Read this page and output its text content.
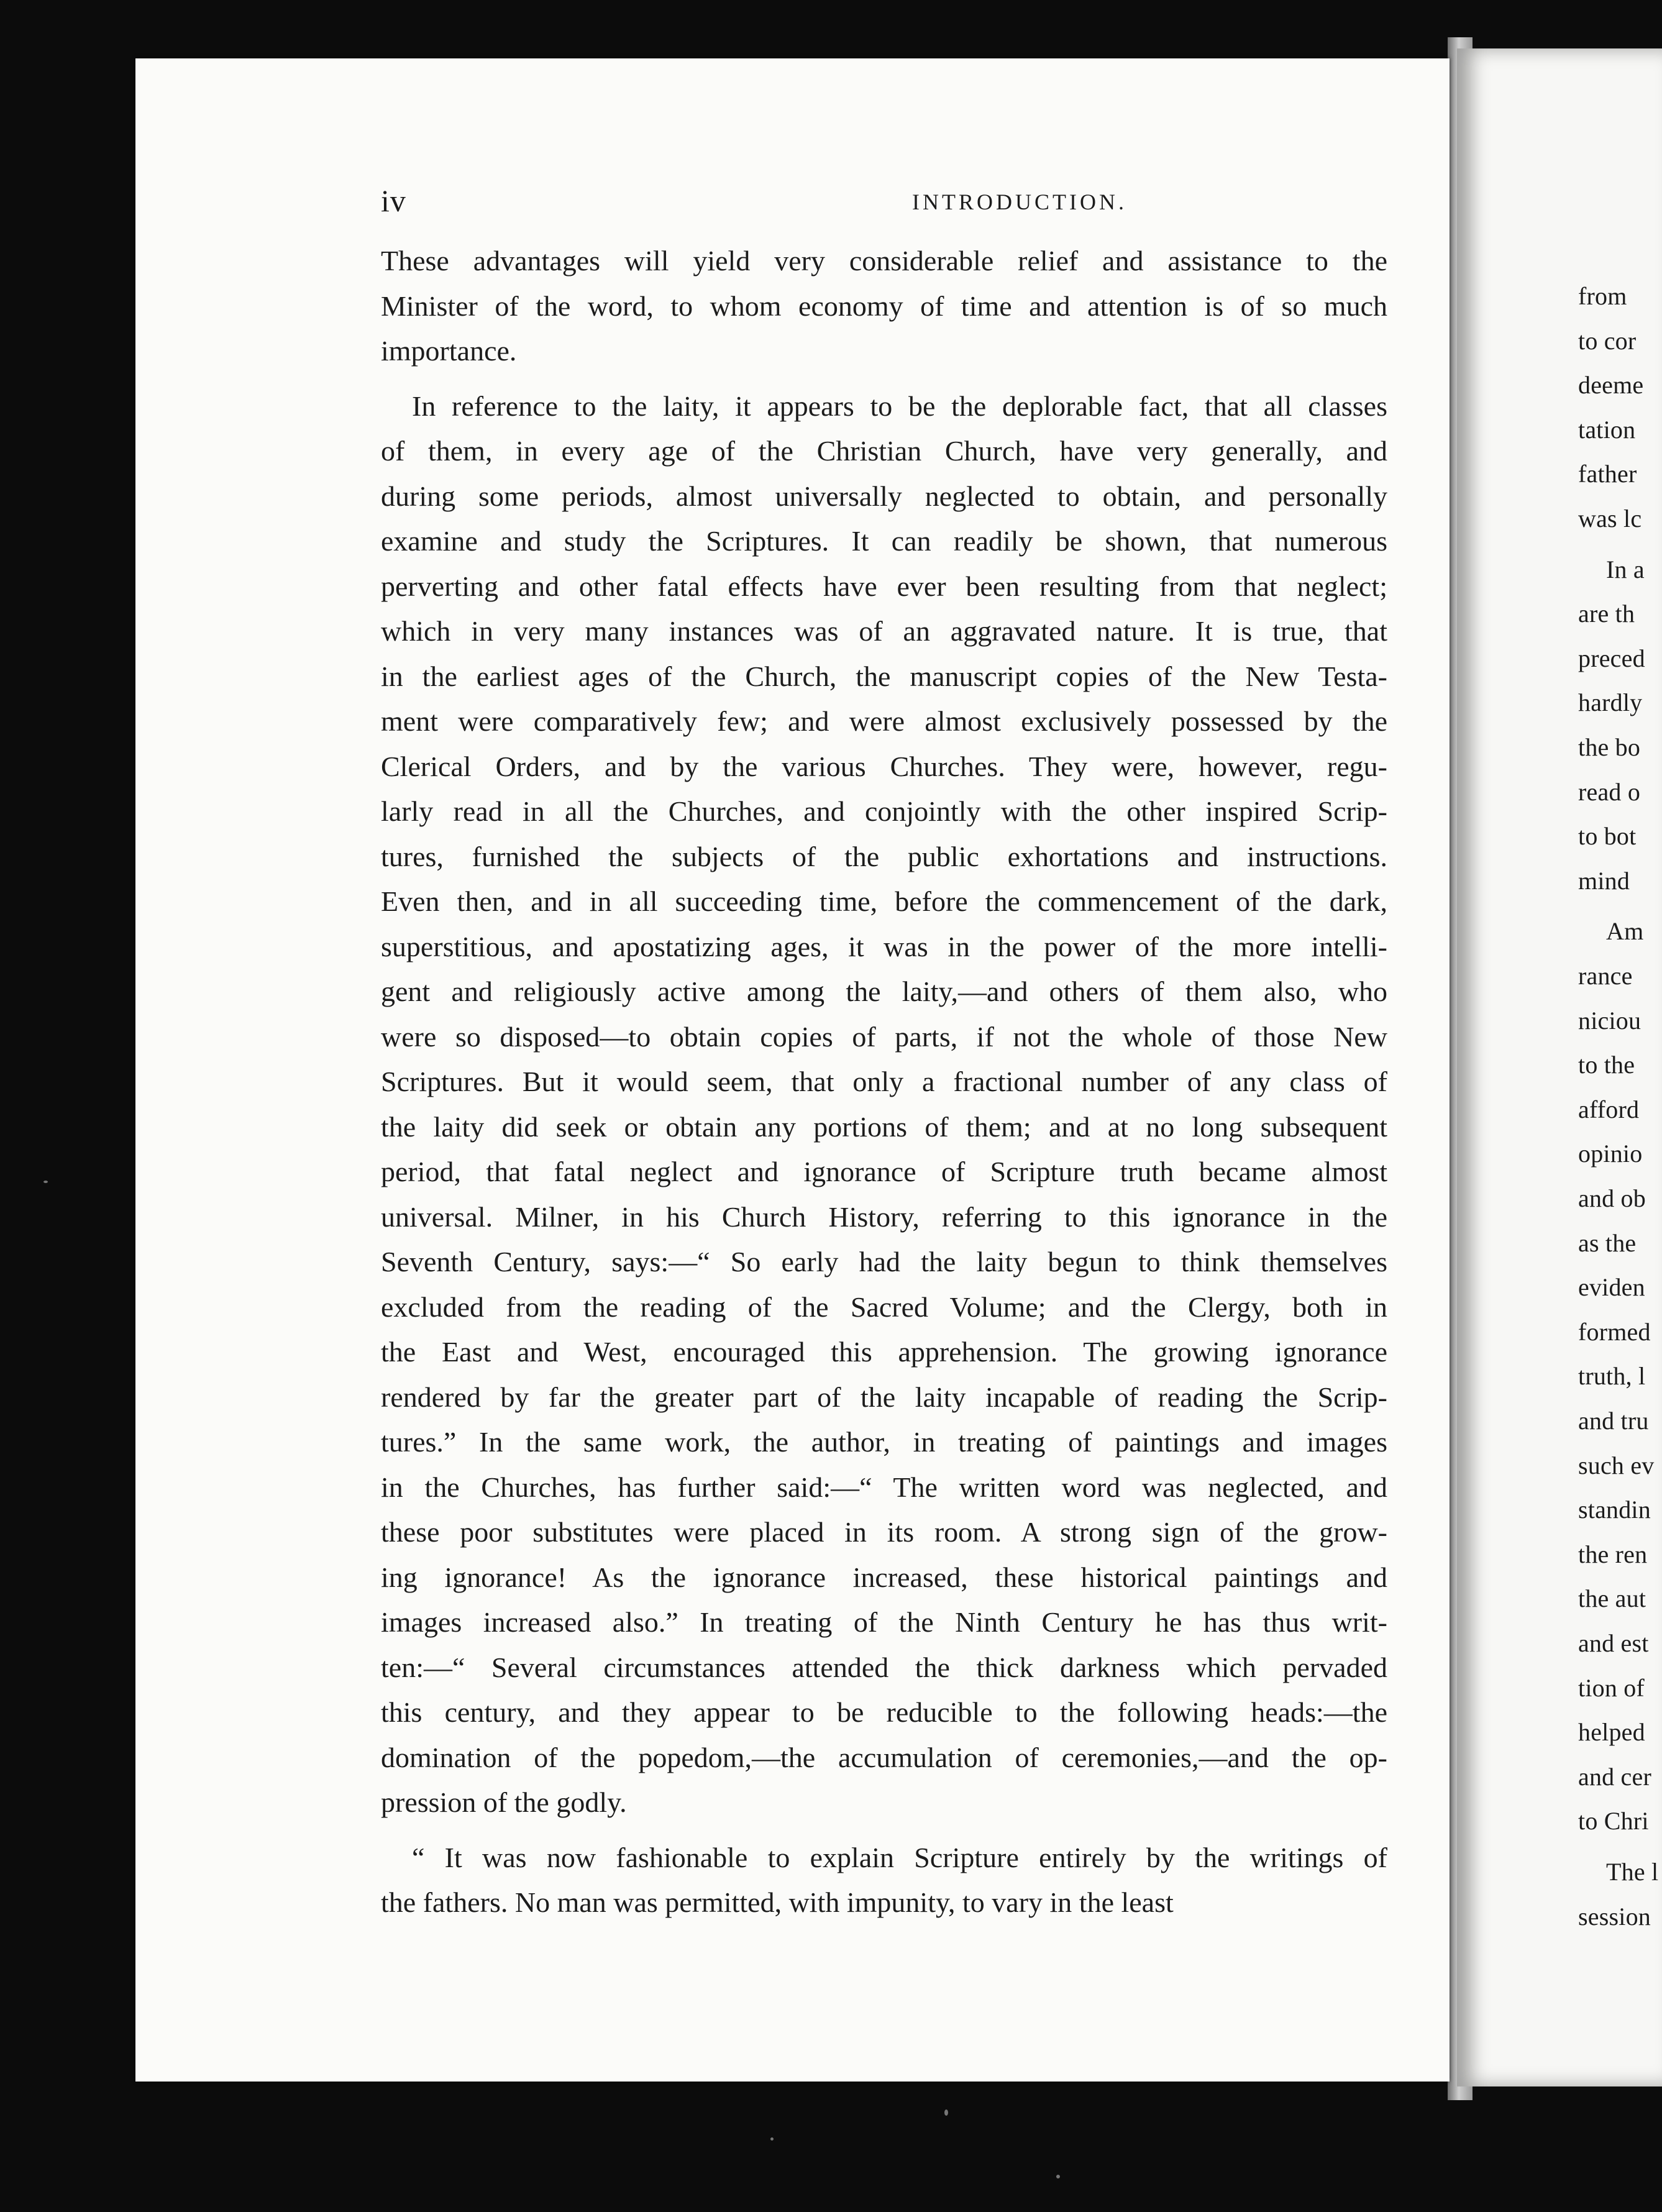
from
to cor
deeme
tation
father
was lc
In a
are th
preced
hardly
the bo
read o
to bot
mind
Am
rance
niciou
to the
afford
opinio
and ob
as the
eviden
formed
truth, l
and tru
such ev
standin
the ren
the aut
and est
tion of
helped
and cer
to Chri
The l
session
iv	INTRODUCTION.
These advantages will yield very considerable relief and assistance to the
Minister of the word, to whom economy of time and attention is of so much
importance.
In reference to the laity, it appears to be the deplorable fact, that all classes
of them, in every age of the Christian Church, have very generally, and
during some periods, almost universally neglected to obtain, and personally
examine and study the Scriptures. It can readily be shown, that numerous
perverting and other fatal effects have ever been resulting from that neglect;
which in very many instances was of an aggravated nature. It is true, that
in the earliest ages of the Church, the manuscript copies of the New Testa-
ment were comparatively few; and were almost exclusively possessed by the
Clerical Orders, and by the various Churches. They were, however, regu-
larly read in all the Churches, and conjointly with the other inspired Scrip-
tures, furnished the subjects of the public exhortations and instructions.
Even then, and in all succeeding time, before the commencement of the dark,
superstitious, and apostatizing ages, it was in the power of the more intelli-
gent and religiously active among the laity,—and others of them also, who
were so disposed—to obtain copies of parts, if not the whole of those New
Scriptures. But it would seem, that only a fractional number of any class of
the laity did seek or obtain any portions of them; and at no long subsequent
period, that fatal neglect and ignorance of Scripture truth became almost
universal. Milner, in his Church History, referring to this ignorance in the
Seventh Century, says:—“ So early had the laity begun to think themselves
excluded from the reading of the Sacred Volume; and the Clergy, both in
the East and West, encouraged this apprehension. The growing ignorance
rendered by far the greater part of the laity incapable of reading the Scrip-
tures.” In the same work, the author, in treating of paintings and images
in the Churches, has further said:—“ The written word was neglected, and
these poor substitutes were placed in its room. A strong sign of the grow-
ing ignorance! As the ignorance increased, these historical paintings and
images increased also.” In treating of the Ninth Century he has thus writ-
ten:—“ Several circumstances attended the thick darkness which pervaded
this century, and they appear to be reducible to the following heads:—the
domination of the popedom,—the accumulation of ceremonies,—and the op-
pression of the godly.
“ It was now fashionable to explain Scripture entirely by the writings of
the fathers. No man was permitted, with impunity, to vary in the least
